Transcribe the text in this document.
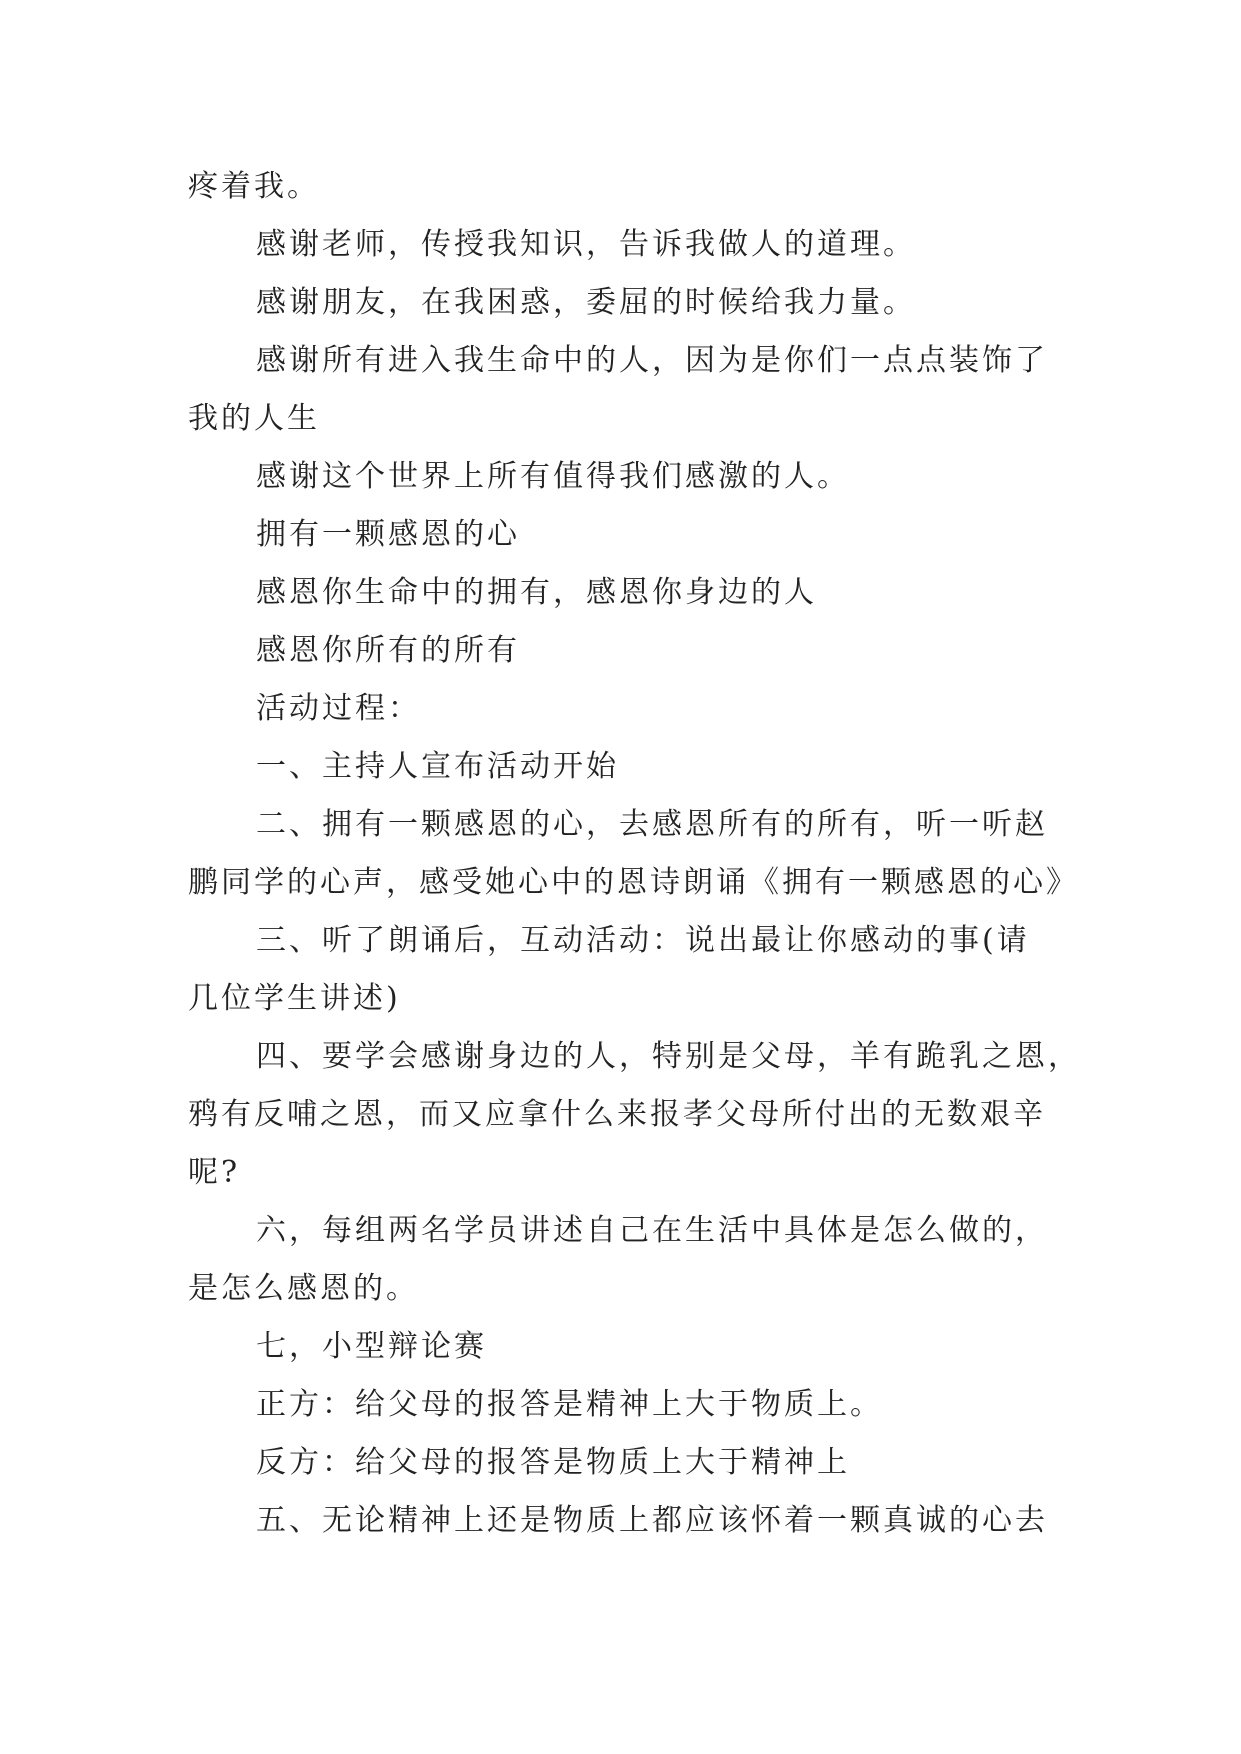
疼着我。
感谢老师，传授我知识，告诉我做人的道理。
感谢朋友，在我困惑，委屈的时候给我力量。
感谢所有进入我生命中的人，因为是你们一点点装饰了
我的人生
感谢这个世界上所有值得我们感激的人。
拥有一颗感恩的心
感恩你生命中的拥有，感恩你身边的人
感恩你所有的所有
活动过程：
一、主持人宣布活动开始
二、拥有一颗感恩的心，去感恩所有的所有，听一听赵
鹏同学的心声，感受她心中的恩诗朗诵《拥有一颗感恩的心》
三、听了朗诵后，互动活动：说出最让你感动的事(请
几位学生讲述)
四、要学会感谢身边的人，特别是父母，羊有跪乳之恩，
鸦有反哺之恩，而又应拿什么来报孝父母所付出的无数艰辛
呢?
六，每组两名学员讲述自己在生活中具体是怎么做的，
是怎么感恩的。
七，小型辩论赛
正方：给父母的报答是精神上大于物质上。
反方：给父母的报答是物质上大于精神上
五、无论精神上还是物质上都应该怀着一颗真诚的心去
